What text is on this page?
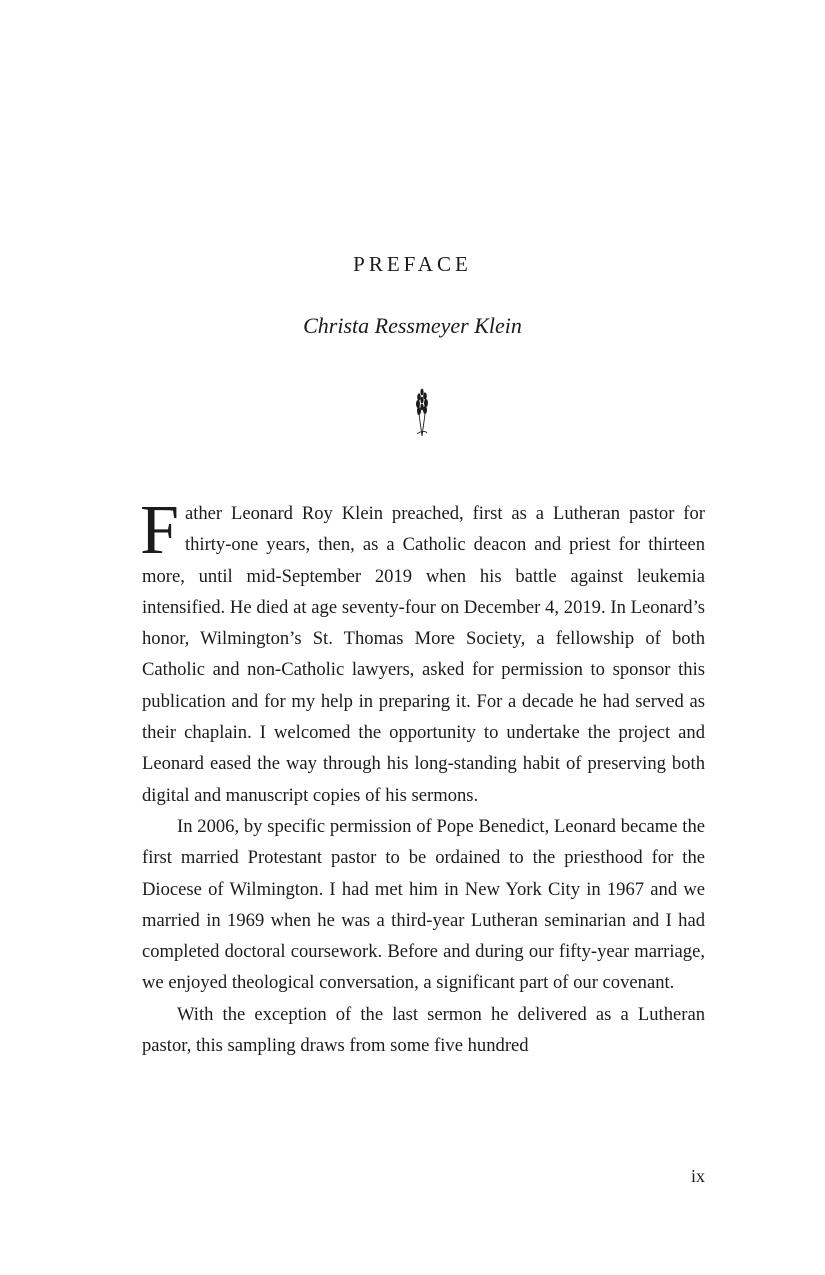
PREFACE
Christa Ressmeyer Klein

Father Leonard Roy Klein preached, first as a Lutheran pastor for thirty-one years, then, as a Catholic deacon and priest for thirteen more, until mid-September 2019 when his battle against leukemia intensified. He died at age seventy-four on December 4, 2019. In Leonard’s honor, Wilmington’s St. Thomas More Society, a fellowship of both Catholic and non-Catholic lawyers, asked for permission to sponsor this publication and for my help in preparing it. For a decade he had served as their chaplain. I welcomed the opportunity to undertake the project and Leonard eased the way through his long-standing habit of preserving both digital and manuscript copies of his sermons.

In 2006, by specific permission of Pope Benedict, Leonard became the first married Protestant pastor to be ordained to the priesthood for the Diocese of Wilmington. I had met him in New York City in 1967 and we married in 1969 when he was a third-year Lutheran seminarian and I had completed doctoral coursework. Before and during our fifty-year marriage, we enjoyed theological conversation, a significant part of our covenant.

With the exception of the last sermon he delivered as a Lutheran pastor, this sampling draws from some five hundred

ix
